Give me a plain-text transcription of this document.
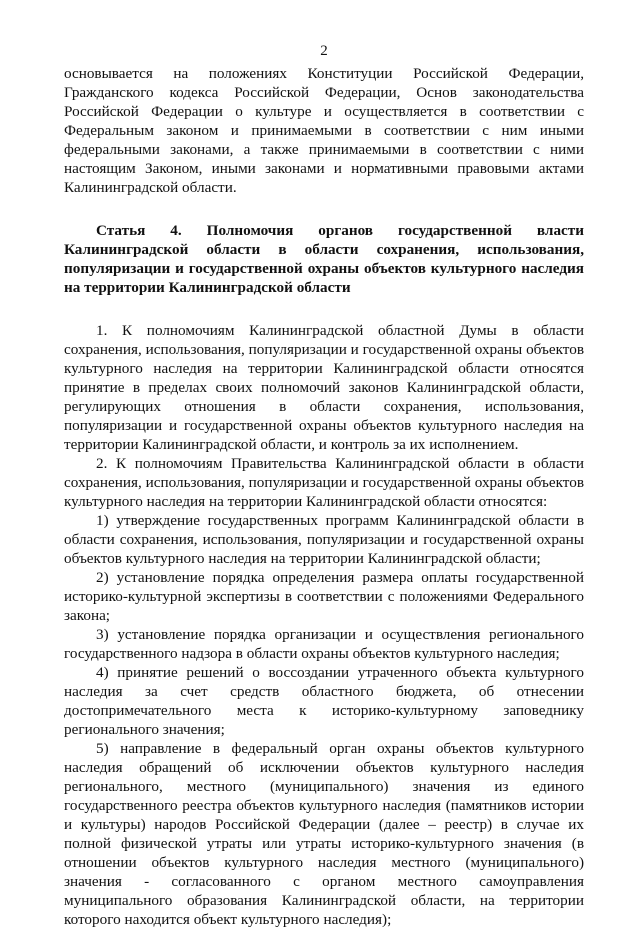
2

основывается на положениях Конституции Российской Федерации, Гражданского кодекса Российской Федерации, Основ законодательства Российской Федерации о культуре и осуществляется в соответствии с Федеральным законом и принимаемыми в соответствии с ним иными федеральными законами, а также принимаемыми в соответствии с ними настоящим Законом, иными законами и нормативными правовыми актами Калининградской области.

Статья 4. Полномочия органов государственной власти Калининградской области в области сохранения, использования, популяризации и государственной охраны объектов культурного наследия на территории Калининградской области

1. К полномочиям Калининградской областной Думы в области сохранения, использования, популяризации и государственной охраны объектов культурного наследия на территории Калининградской области относятся принятие в пределах своих полномочий законов Калининградской области, регулирующих отношения в области сохранения, использования, популяризации и государственной охраны объектов культурного наследия на территории Калининградской области, и контроль за их исполнением.

2. К полномочиям Правительства Калининградской области в области сохранения, использования, популяризации и государственной охраны объектов культурного наследия на территории Калининградской области относятся:

1) утверждение государственных программ Калининградской области в области сохранения, использования, популяризации и государственной охраны объектов культурного наследия на территории Калининградской области;

2) установление порядка определения размера оплаты государственной историко-культурной экспертизы в соответствии с положениями Федерального закона;

3) установление порядка организации и осуществления регионального государственного надзора в области охраны объектов культурного наследия;

4) принятие решений о воссоздании утраченного объекта культурного наследия за счет средств областного бюджета, об отнесении достопримечательного места к историко-культурному заповеднику регионального значения;

5) направление в федеральный орган охраны объектов культурного наследия обращений об исключении объектов культурного наследия регионального, местного (муниципального) значения из единого государственного реестра объектов культурного наследия (памятников истории и культуры) народов Российской Федерации (далее – реестр) в случае их полной физической утраты или утраты историко-культурного значения (в отношении объектов культурного наследия местного (муниципального) значения - согласованного с органом местного самоуправления муниципального образования Калининградской области, на территории которого находится объект культурного наследия);
